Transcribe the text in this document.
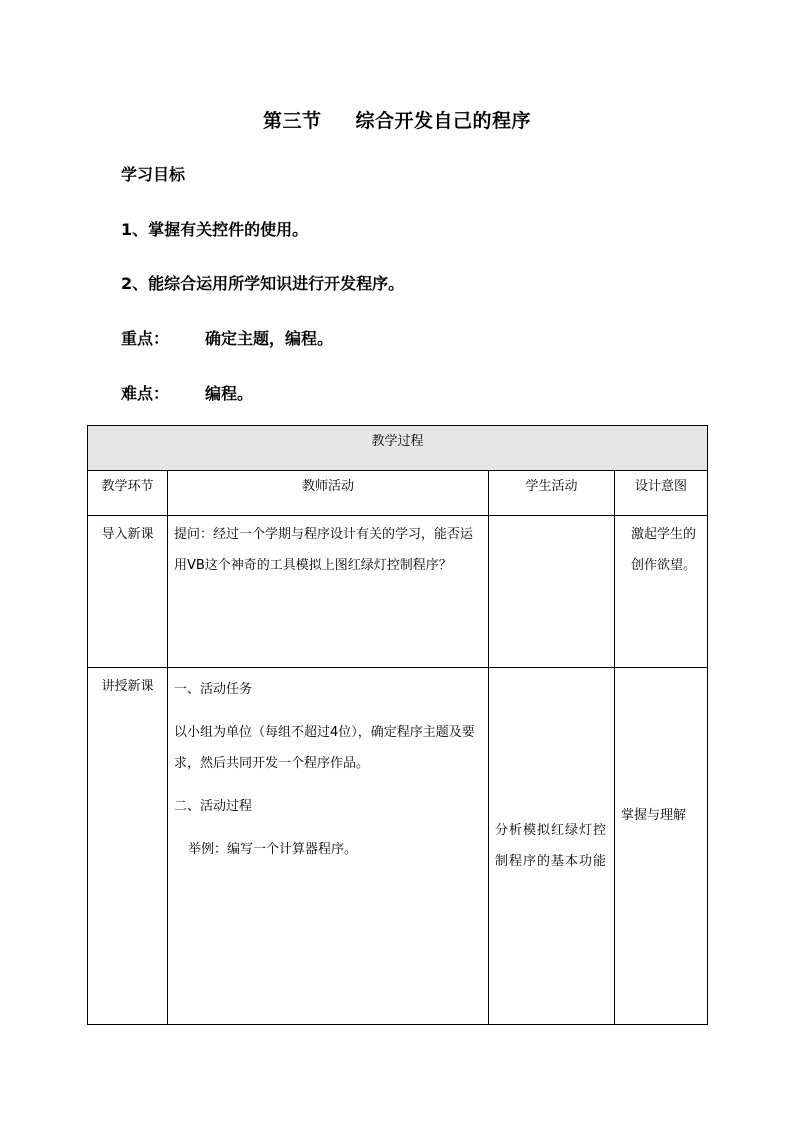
第三节 综合开发自己的程序
学习目标
1、掌握有关控件的使用。
2、能综合运用所学知识进行开发程序。
重点： 确定主题，编程。
难点： 编程。
教学过程			
教学环节	教师活动	学生活动	设计意图
导入新课	提问：经过一个学期与程序设计有关的学习，能否运用VB这个神奇的工具模拟上图红绿灯控制程序？		激起学生的创作欲望。

讲授新课	一、活动任务

以小组为单位（每组不超过4位），确定程序主题及要求，然后共同开发一个程序作品。

二、活动过程

举例：编写一个计算器程序。	分析模拟红绿灯控制程序的基本功能	掌握与理解
